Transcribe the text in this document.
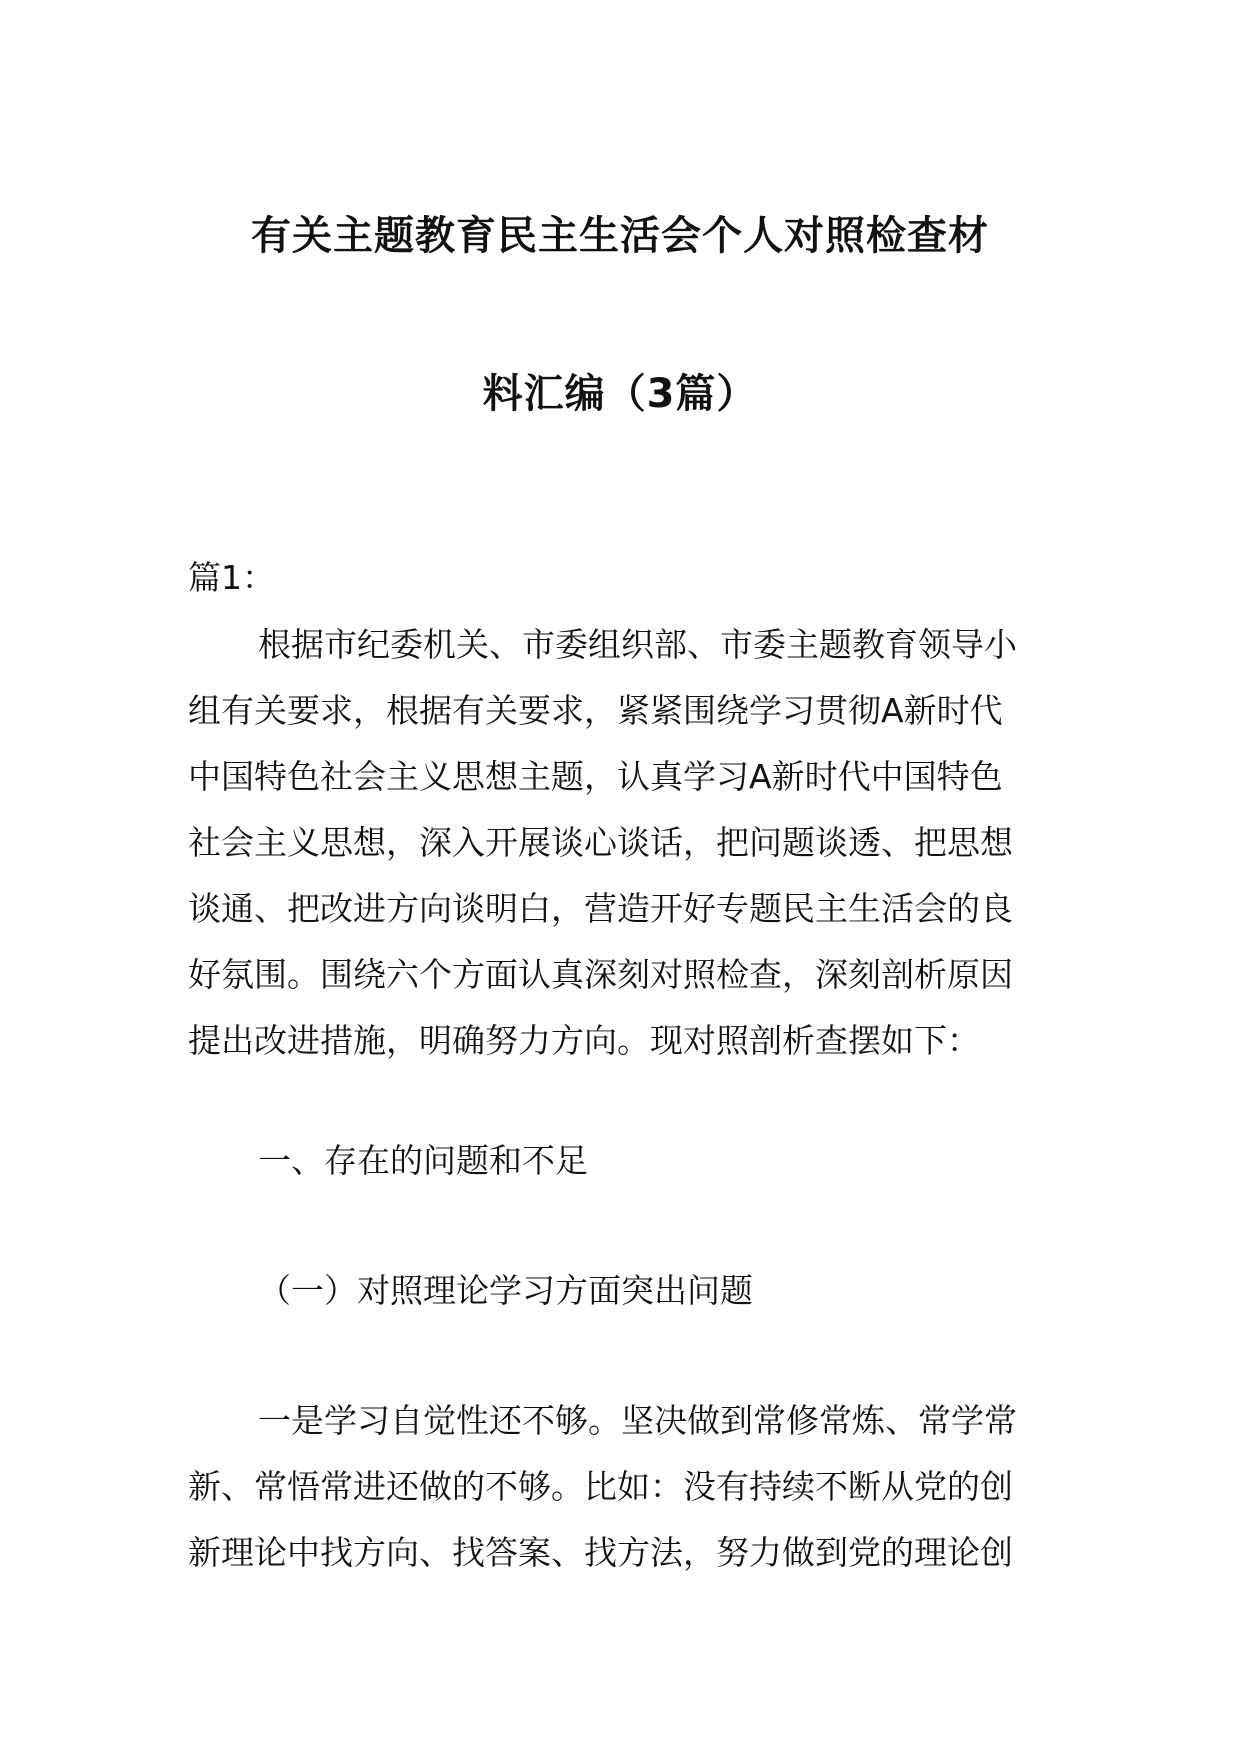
有关主题教育民主生活会个人对照检查材
料汇编（3篇）
篇1：
根据市纪委机关、市委组织部、市委主题教育领导小
组有关要求，根据有关要求，紧紧围绕学习贯彻A新时代
中国特色社会主义思想主题，认真学习A新时代中国特色
社会主义思想，深入开展谈心谈话，把问题谈透、把思想
谈通、把改进方向谈明白，营造开好专题民主生活会的良
好氛围。围绕六个方面认真深刻对照检查，深刻剖析原因
提出改进措施，明确努力方向。现对照剖析查摆如下：
一、存在的问题和不足
（一）对照理论学习方面突出问题
一是学习自觉性还不够。坚决做到常修常炼、常学常
新、常悟常进还做的不够。比如：没有持续不断从党的创
新理论中找方向、找答案、找方法，努力做到党的理论创
